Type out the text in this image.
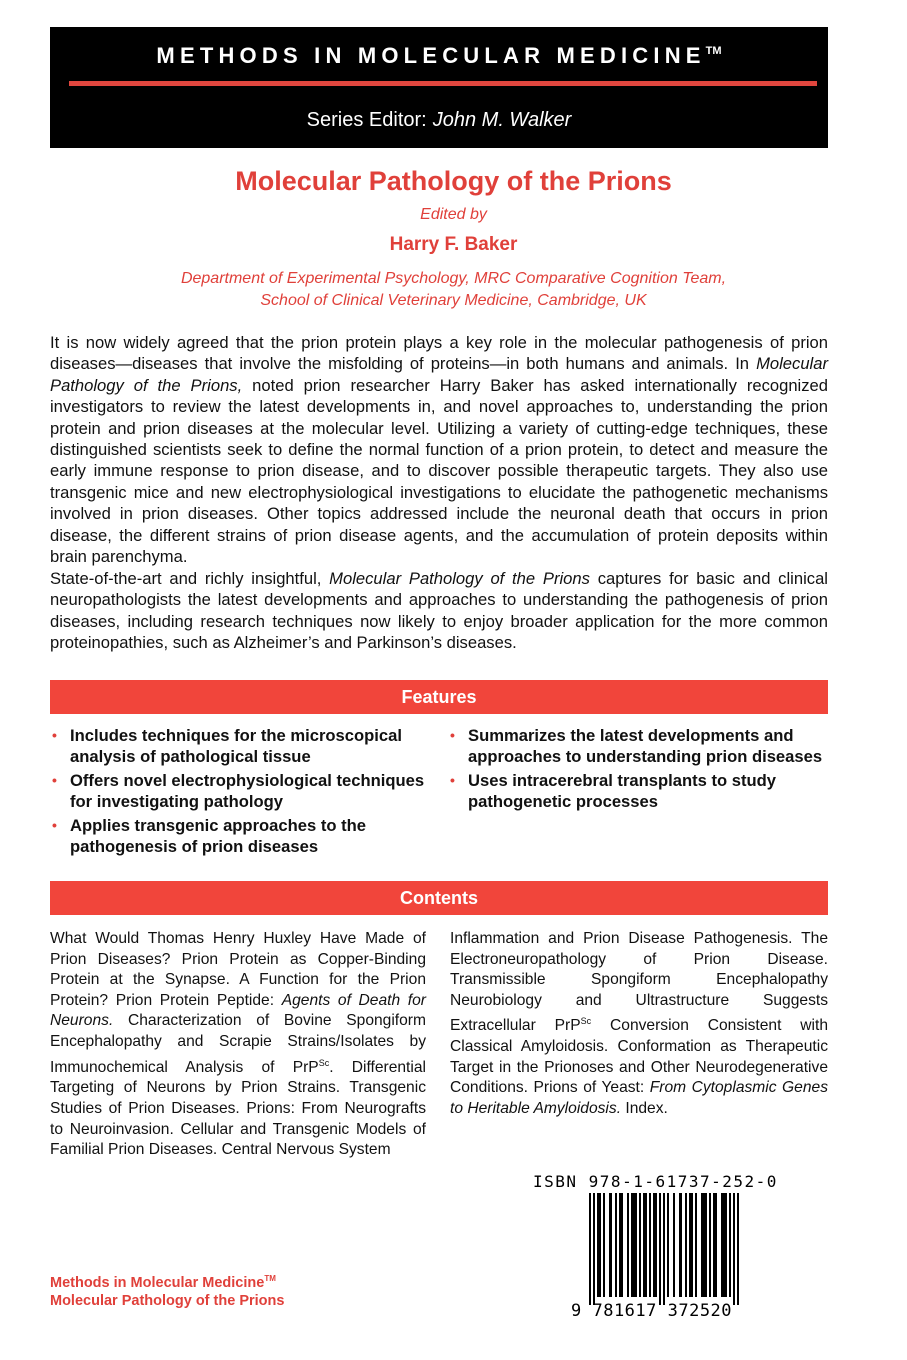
METHODS IN MOLECULAR MEDICINE™
Series Editor: John M. Walker
Molecular Pathology of the Prions
Edited by
Harry F. Baker
Department of Experimental Psychology, MRC Comparative Cognition Team,
School of Clinical Veterinary Medicine, Cambridge, UK

It is now widely agreed that the prion protein plays a key role in the molecular pathogenesis of prion diseases—diseases that involve the misfolding of proteins—in both humans and animals. In Molecular Pathology of the Prions, noted prion researcher Harry Baker has asked internationally recognized investigators to review the latest developments in, and novel approaches to, understanding the prion protein and prion diseases at the molecular level. Utilizing a variety of cutting-edge techniques, these distinguished scientists seek to define the normal function of a prion protein, to detect and measure the early immune response to prion disease, and to discover possible therapeutic targets. They also use transgenic mice and new electrophysiological investigations to elucidate the pathogenetic mechanisms involved in prion diseases. Other topics addressed include the neuronal death that occurs in prion disease, the different strains of prion disease agents, and the accumulation of protein deposits within brain parenchyma.

State-of-the-art and richly insightful, Molecular Pathology of the Prions captures for basic and clinical neuropathologists the latest developments and approaches to understanding the pathogenesis of prion diseases, including research techniques now likely to enjoy broader application for the more common proteinopathies, such as Alzheimer’s and Parkinson’s diseases.

Features
• Includes techniques for the microscopical analysis of pathological tissue
• Offers novel electrophysiological techniques for investigating pathology
• Applies transgenic approaches to the pathogenesis of prion diseases
• Summarizes the latest developments and approaches to understanding prion diseases
• Uses intracerebral transplants to study pathogenetic processes
Contents

What Would Thomas Henry Huxley Have Made of Prion Diseases? Prion Protein as Copper-Binding Protein at the Synapse. A Function for the Prion Protein? Prion Protein Peptide: Agents of Death for Neurons. Characterization of Bovine Spongiform Encephalopathy and Scrapie Strains/Isolates by Immunochemical Analysis of PrP$^{Sc}$. Differential Targeting of Neurons by Prion Strains. Transgenic Studies of Prion Diseases. Prions: From Neurografts to Neuroinvasion. Cellular and Transgenic Models of Familial Prion Diseases. Central Nervous System

Inflammation and Prion Disease Pathogenesis. The Electroneuropathology of Prion Disease. Transmissible Spongiform Encephalopathy Neurobiology and Ultrastructure Suggests Extracellular PrP$^{Sc}$ Conversion Consistent with Classical Amyloidosis. Conformation as Therapeutic Target in the Prionoses and Other Neurodegenerative Conditions. Prions of Yeast: From Cytoplasmic Genes to Heritable Amyloidosis. Index.

ISBN 978-1-61737-252-0
9 781617 372520
Methods in Molecular Medicine™
Molecular Pathology of the Prions
